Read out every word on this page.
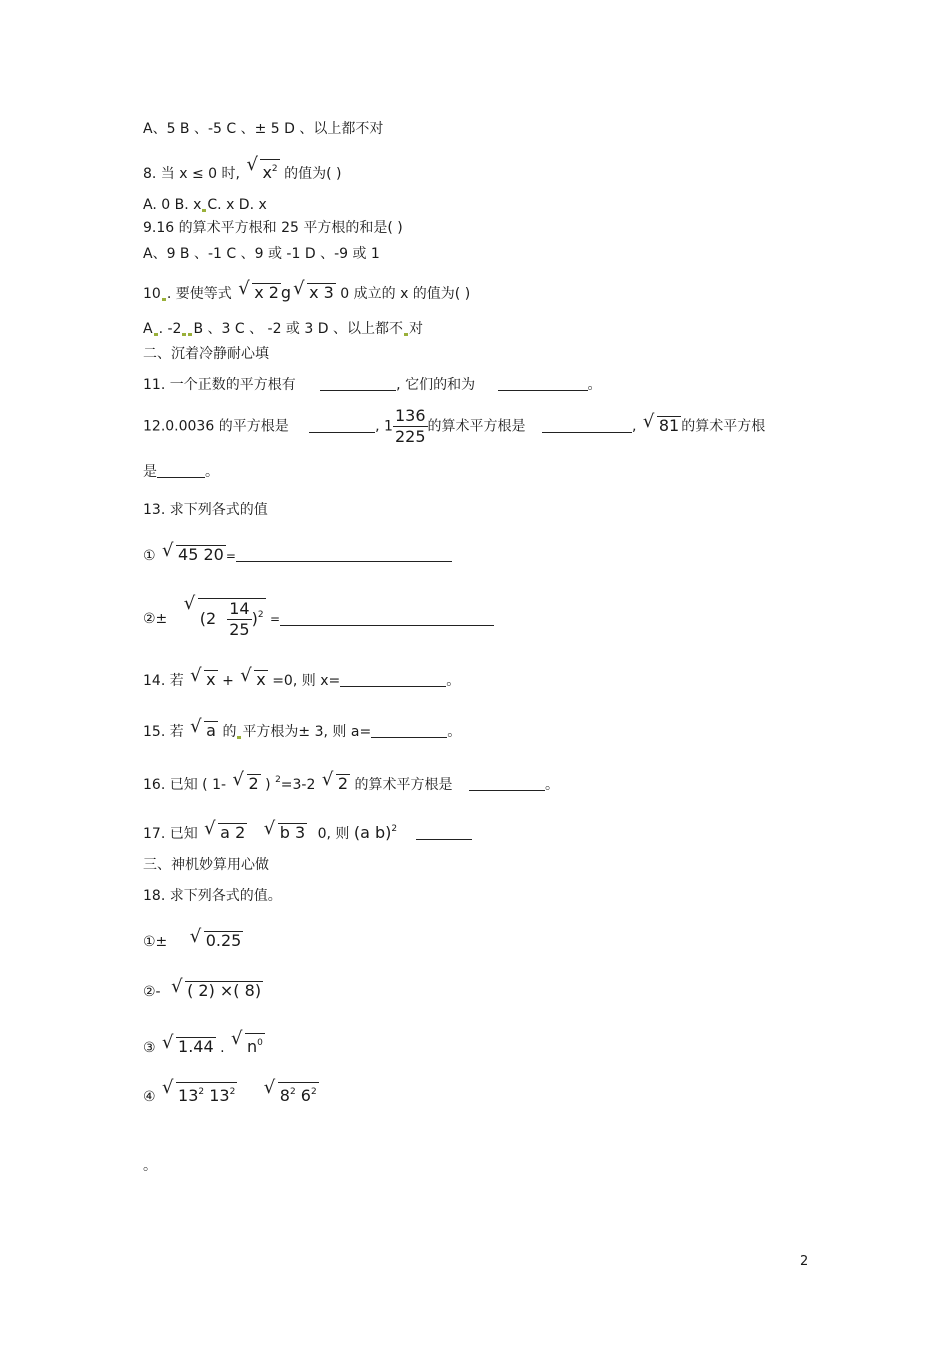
A、5 B 、-5 C 、± 5 D 、以上都不对
8. 当 x ≤ 0 时, √ $x^2$ 的值为( )
A. 0 B. x C. x D. x
9.16 的算术平方根和 25 平方根的和是( )
A、9 B 、-1 C 、9 或 -1 D 、-9 或 1
10 . 要使等式 √ x 2 g √ x 3 0 成立的 x 的值为( )
A . -2 B 、3 C 、 -2 或 3 D 、以上都不 对
二、沉着冷静耐心填
11. 一个正数的平方根有	, 它们的和为	。
12.0.0036 的平方根是	, $1 \frac{136}{225}$ 的算术平方根是	, √ 81 的算术平方根
是	。
13. 求下列各式的值
① √ 45 20 =
②± √ $(2 \frac{14}{25} )^2$ =
14. 若 √ x + √ x =0, 则 x=	。
15. 若 √ a 的 平方根为± 3, 则 a=	。
16. 已知 ( 1- √ 2 ) $^2$=3-2 √ 2 的算术平方根是	。
17. 已知 √ a 2 √ b 3 0, 则 (a b)$^2$
三、神机妙算用心做
18. 求下列各式的值。
①± √ 0.25
②- √ ( 2) ×( 8)
③ √ 1.44 . √ $n^0$
④ √ $13^2$ $13^2$	√ $8^2$ $6^2$
。
2
